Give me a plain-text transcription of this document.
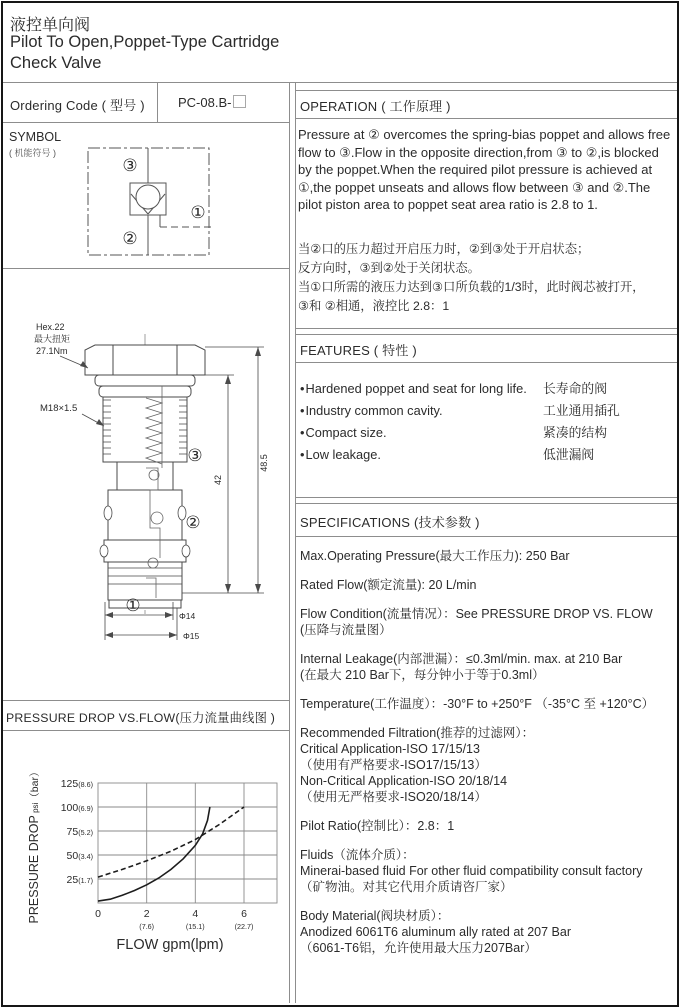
液控单向阀
Pilot To Open,Poppet-Type Cartridge
Check Valve
Ordering Code ( 型号 )	PC-08.B-
SYMBOL
( 机能符号 )
③
②
①
Hex.22
最大扭矩
27.1Nm
M18×1.5
48.5
42
Φ14
Φ15
③
②
①
PRESSURE DROP VS.FLOW(压力流量曲线图 )
125(8.6)
100(6.9)
75(5.2)
50(3.4)
25(1.7)
0	2
(7.6)
4
(15.1)
6
(22.7)
FLOW gpm(lpm)
PRESSURE DROP psi（bar）
OPERATION ( 工作原理 )
Pressure at ② overcomes the spring-bias poppet and allows free
flow to ③.Flow in the opposite direction,from ③ to ②,is blocked
by the poppet.When the required pilot pressure is achieved at
①,the poppet unseats and allows flow between ③ and ②.The
pilot piston area to poppet seat area ratio is 2.8 to 1.
当②口的压力超过开启压力时，②到③处于开启状态；
反方向时，③到②处于关闭状态。
当①口所需的液压力达到③口所负载的1/3时，此时阀芯被打开，
③和 ②相通，液控比 2.8：1
FEATURES ( 特性 )
• Hardened poppet and seat for long life.	长寿命的阀
• Industry common cavity.	工业通用插孔
• Compact size.	紧凑的结构
• Low leakage.	低泄漏阀
SPECIFICATIONS (技术参数 )
Max.Operating Pressure(最大工作压力): 250 Bar
Rated Flow(额定流量): 20 L/min
Flow Condition(流量情况）：See PRESSURE DROP VS. FLOW
(压降与流量图）
Internal Leakage(内部泄漏）：≤0.3ml/min. max. at 210 Bar
(在最大 210 Bar下，每分钟小于等于0.3ml）
Temperature(工作温度）：-30°F to +250°F （-35°C 至 +120°C）
Recommended Filtration(推荐的过滤网）：
Critical Application-ISO 17/15/13
（使用有严格要求-ISO17/15/13）
Non-Critical Application-ISO 20/18/14
（使用无严格要求-ISO20/18/14）
Pilot Ratio(控制比）：2.8：1
Fluids（流体介质）：
Minerai-based fluid For other fluid compatibility consult factory
（矿物油。对其它代用介质请咨厂家）
Body Material(阀块材质）：
Anodized 6061T6 aluminum ally rated at 207 Bar
（6061-T6铝，允许使用最大压力207Bar）
